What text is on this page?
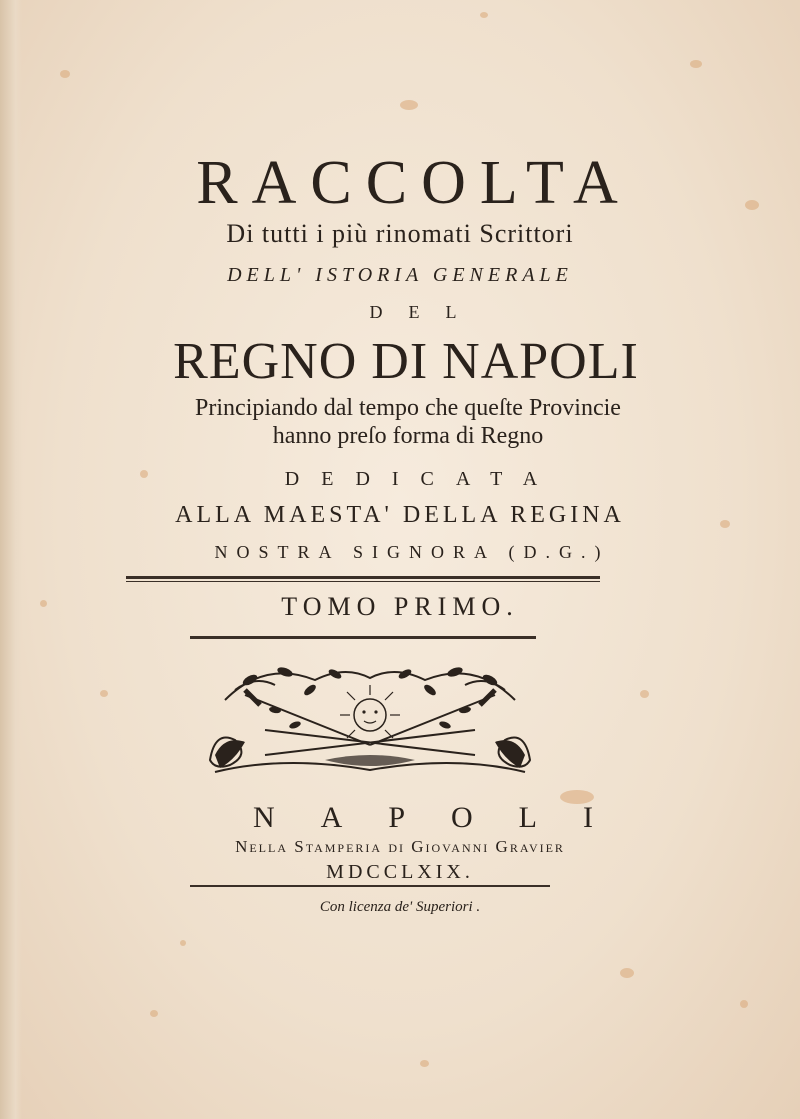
RACCOLTA
Di tutti i più rinomati Scrittori
DELL' ISTORIA GENERALE
DEL
REGNO DI NAPOLI
Principiando dal tempo che queſte Provincie
hanno preſo forma di Regno
DEDICATA
ALLA MAESTA' DELLA REGINA
NOSTRA SIGNORA (D.G.)
TOMO PRIMO.
NAPOLI
Nella Stamperia di Giovanni Gravier
MDCCLXIX.
Con licenza de' Superiori .
